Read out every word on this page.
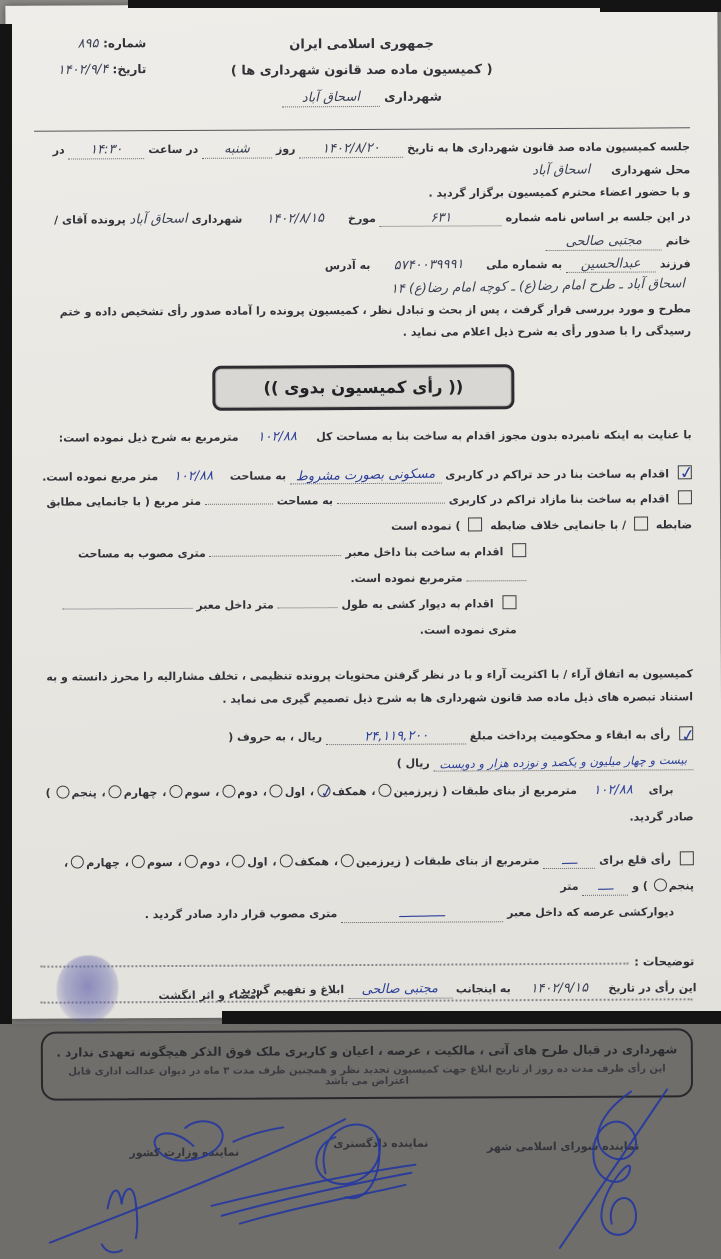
جمهوری اسلامی ایران
( کمیسیون ماده صد قانون شهرداری ها )
شهرداری اسحاق آباد
شماره: ۸۹۵
تاریخ: ۱۴۰۲/۹/۴
جلسه کمیسیون ماده صد قانون شهرداری ها به تاریخ ۱۴۰۲/۸/۲۰ روز شنبه در ساعت ۱۴:۳۰ در محل شهرداری اسحاق آباد
و با حضور اعضاء محترم کمیسیون برگزار گردید .
در این جلسه بر اساس نامه شماره ۶۳۱ مورخ ۱۴۰۲/۸/۱۵ شهرداری اسحاق آباد پرونده آقای / خانم مجتبی صالحی
فرزند عبدالحسین به شماره ملی ۵۷۴۰۰۳۹۹۹۱ به آدرس اسحاق آباد ـ طرح امام رضا(ع) ـ کوچه امام رضا(ع) ۱۴
مطرح و مورد بررسی قرار گرفت ، پس از بحث و تبادل نظر ، کمیسیون پرونده را آماده صدور رأی تشخیص داده و ختم رسیدگی را با صدور رأی به شرح ذیل اعلام می نماید .
(( رأی کمیسیون بدوی ))
با عنایت به اینکه نامبرده بدون مجوز اقدام به ساخت بنا به مساحت کل ۱۰۲/۸۸ مترمربع به شرح ذیل نموده است:
✓
اقدام به ساخت بنا در حد تراکم در کاربری مسکونی بصورت مشروط به مساحت ۱۰۲/۸۸ متر مربع نموده است.
اقدام به ساخت بنا مازاد تراکم در کاربری  به مساحت  متر مربع ( با جانمایی مطابق ضابطه  / با جانمایی خلاف ضابطه  ) نموده است
اقدام به ساخت بنا داخل معبر  متری مصوب به مساحت  مترمربع نموده است.
اقدام به دیوار کشی به طول  متر داخل معبر  متری نموده است.
کمیسیون به اتفاق آراء / با اکثریت آراء و با در نظر گرفتن محتویات پرونده تنظیمی ، تخلف مشارالیه را محرز دانسته و به استناد تبصره های ذیل ماده صد قانون شهرداری ها به شرح ذیل تصمیم گیری می نماید .
✓
رأی به ابقاء و محکومیت پرداخت مبلغ ۲۴,۱۱۹,۲۰۰ ریال ، به حروف ( بیست و چهار میلیون و یکصد و نوزده هزار و دویست ریال )
برای ۱۰۲/۸۸ مترمربع از بنای طبقات ( زیرزمین، همکف
✓
، اول، دوم، سوم، چهارم، پنجم ) صادر گردید.
رأی قلع برای ــــ مترمربع از بنای طبقات ( زیرزمین، همکف، اول، دوم، سوم، چهارم، پنجم ) و ــــ متر
دیوارکشی عرصه که داخل معبر ــــــــــــ متری مصوب قرار دارد صادر گردید .
توضیحات :
شهرداری در قبال طرح های آتی ، مالکیت ، عرصه ، اعیان و کاربری ملک فوق الذکر هیچگونه تعهدی ندارد .
این رأی ظرف مدت ده روز از تاریخ ابلاغ جهت کمیسیون تجدید نظر و همچنین ظرف مدت ۳ ماه در دیوان عدالت اداری قابل اعتراض می باشد
نماینده شورای اسلامی شهر
نماینده دادگستری
نماینده وزارت کشور
این رأی در تاریخ ۱۴۰۲/۹/۱۵ به اینجانب مجتبی صالحی ابلاغ و تفهیم گردید .
امضاء و اثر انگشت
